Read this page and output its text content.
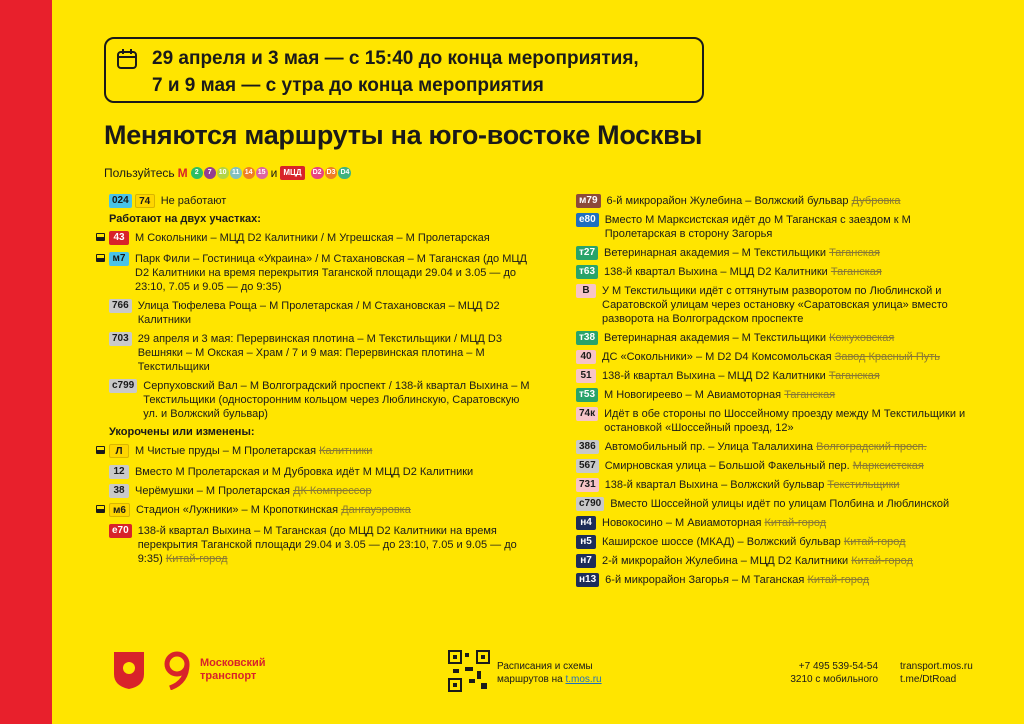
29 апреля и 3 мая — с 15:40 до конца мероприятия,
7 и 9 мая — с утра до конца мероприятия
Меняются маршруты на юго-востоке Москвы
Пользуйтесь М	2	7	10 11 14 15 и МЦД	D2 D3 D4
024	74 Не работают
Работают на двух участках:
43 М Сокольники – МЦД D2 Калитники / М Угрешская – М Пролетарская
м7 Парк Фили – Гостиница «Украина» / М Стахановская – М Таганская (до МЦД D2 Калитники на время перекрытия Таганской площади 29.04 и 3.05 — до 23:10, 7.05 и 9.05 — до 9:35)
766 Улица Тюфелева Роща – М Пролетарская / М Стахановская – МЦД D2 Калитники
703 29 апреля и 3 мая: Перервинская плотина – М Текстильщики / МЦД D3 Вешняки – М Окская – Храм / 7 и 9 мая: Перервинская плотина – М Текстильщики
с799 Серпуховский Вал – М Волгоградский проспект / 138-й квартал Выхина – М Текстильщики (односторонним кольцом через Люблинскую, Саратовскую ул. и Волжский бульвар)
Укорочены или изменены:
Л	М Чистые пруды – М Пролетарская Калитники
12 Вместо М Пролетарская и М Дубровка идёт М МЦД D2 Калитники
38 Черёмушки – М Пролетарская ДК Компрессор
м6 Стадион «Лужники» – М Кропоткинская Дангауэровка
е70 138-й квартал Выхина – М Таганская (до МЦД D2 Калитники на время перекрытия Таганской площади 29.04 и 3.05 — до 23:10, 7.05 и 9.05 — до 9:35) Китай-город
м79 6-й микрорайон Жулебина – Волжский бульвар Дубровка
е80 Вместо М Марксистская идёт до М Таганская с заездом к М Пролетарская в сторону Загорья
т27 Ветеринарная академия – М Текстильщики Таганская
т63 138-й квартал Выхина – МЦД D2 Калитники Таганская
В	У М Текстильщики идёт с оттянутым разворотом по Люблинской и Саратовской улицам через остановку «Саратовская улица» вместо разворота на Волгоградском проспекте
т38 Ветеринарная академия – М Текстильщики Кожуховская
40 ДС «Сокольники» – М D2 D4 Комсомольская Завод Красный Путь
51 138-й квартал Выхина – МЦД D2 Калитники Таганская
т53 М Новогиреево – М Авиамоторная Таганская
74к Идёт в обе стороны по Шоссейному проезду между М Текстильщики и остановкой «Шоссейный проезд, 12»
386 Автомобильный пр. – Улица Талалихина Волгоградский просп.
567 Смирновская улица – Большой Факельный пер. Марксистская
731 138-й квартал Выхина – Волжский бульвар Текстильщики
с790 Вместо Шоссейной улицы идёт по улицам Полбина и Люблинской
н4 Новокосино – М Авиамоторная Китай-город
н5 Каширское шоссе (МКАД) – Волжский бульвар Китай-город
н7 2-й микрорайон Жулебина – МЦД D2 Калитники Китай-город
н13 6-й микрорайон Загорья – М Таганская Китай-город
Московский
транспорт
Расписания и схемы
маршрутов на t.mos.ru
+7 495 539-54-54
3210 с мобильного
transport.mos.ru
t.me/DtRoad
